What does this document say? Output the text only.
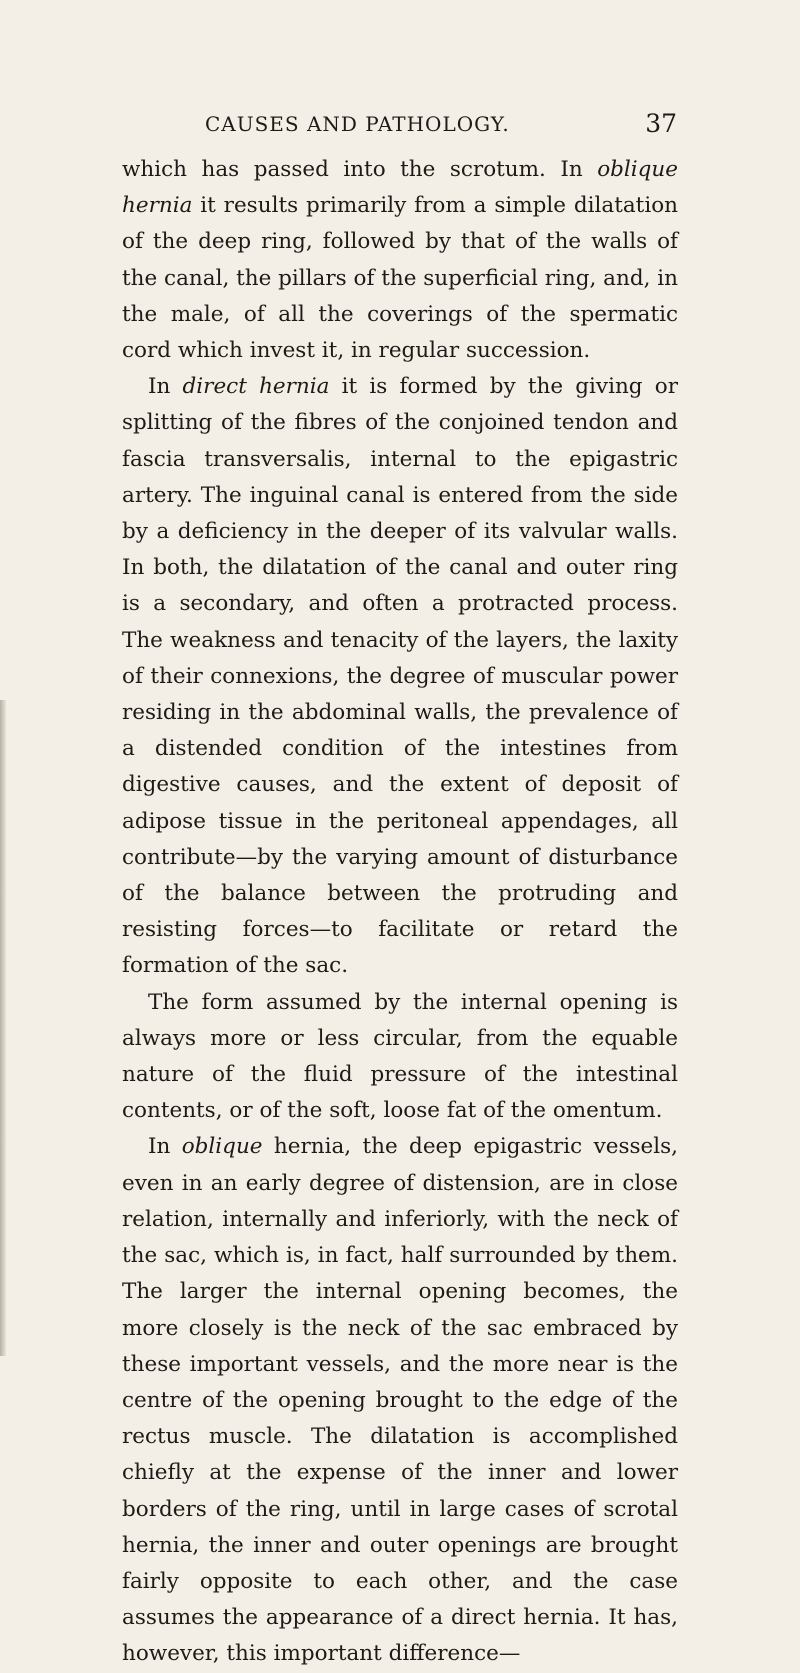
CAUSES AND PATHOLOGY.	37

which has passed into the scrotum. In oblique hernia it results primarily from a simple dilatation of the deep ring, followed by that of the walls of the canal, the pillars of the superficial ring, and, in the male, of all the coverings of the spermatic cord which invest it, in regular succession.

In direct hernia it is formed by the giving or splitting of the fibres of the conjoined tendon and fascia transversalis, internal to the epigastric artery. The inguinal canal is entered from the side by a deficiency in the deeper of its valvular walls. In both, the dilatation of the canal and outer ring is a secondary, and often a protracted process. The weakness and tenacity of the layers, the laxity of their connexions, the degree of muscular power residing in the abdominal walls, the prevalence of a distended condition of the intestines from digestive causes, and the extent of deposit of adipose tissue in the peritoneal appendages, all contribute—by the varying amount of disturbance of the balance between the protruding and resisting forces—to facilitate or retard the formation of the sac.

The form assumed by the internal opening is always more or less circular, from the equable nature of the fluid pressure of the intestinal contents, or of the soft, loose fat of the omentum.

In oblique hernia, the deep epigastric vessels, even in an early degree of distension, are in close relation, internally and inferiorly, with the neck of the sac, which is, in fact, half surrounded by them. The larger the internal opening becomes, the more closely is the neck of the sac embraced by these important vessels, and the more near is the centre of the opening brought to the edge of the rectus muscle. The dilatation is accomplished chiefly at the expense of the inner and lower borders of the ring, until in large cases of scrotal hernia, the inner and outer openings are brought fairly opposite to each other, and the case assumes the appearance of a direct hernia. It has, however, this important difference—
